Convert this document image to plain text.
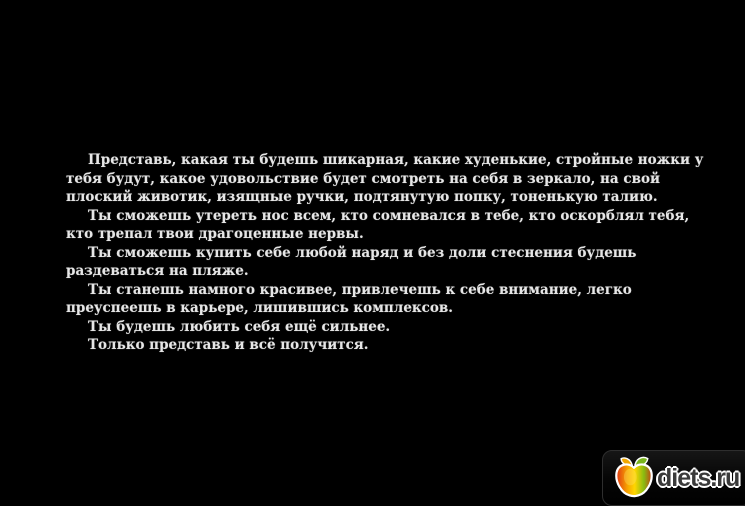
Представь, какая ты будешь шикарная, какие худенькие, стройные ножки у
тебя будут, какое удовольствие будет смотреть на себя в зеркало, на свой
плоский животик, изящные ручки, подтянутую попку, тоненькую талию.
Ты сможешь утереть нос всем, кто сомневался в тебе, кто оскорблял тебя,
кто трепал твои драгоценные нервы.
Ты сможешь купить себе любой наряд и без доли стеснения будешь
раздеваться на пляже.
Ты станешь намного красивее, привлечешь к себе внимание, легко
преуспеешь в карьере, лишившись комплексов.
Ты будешь любить себя ещё сильнее.
Только представь и всё получится.
diets.ru
